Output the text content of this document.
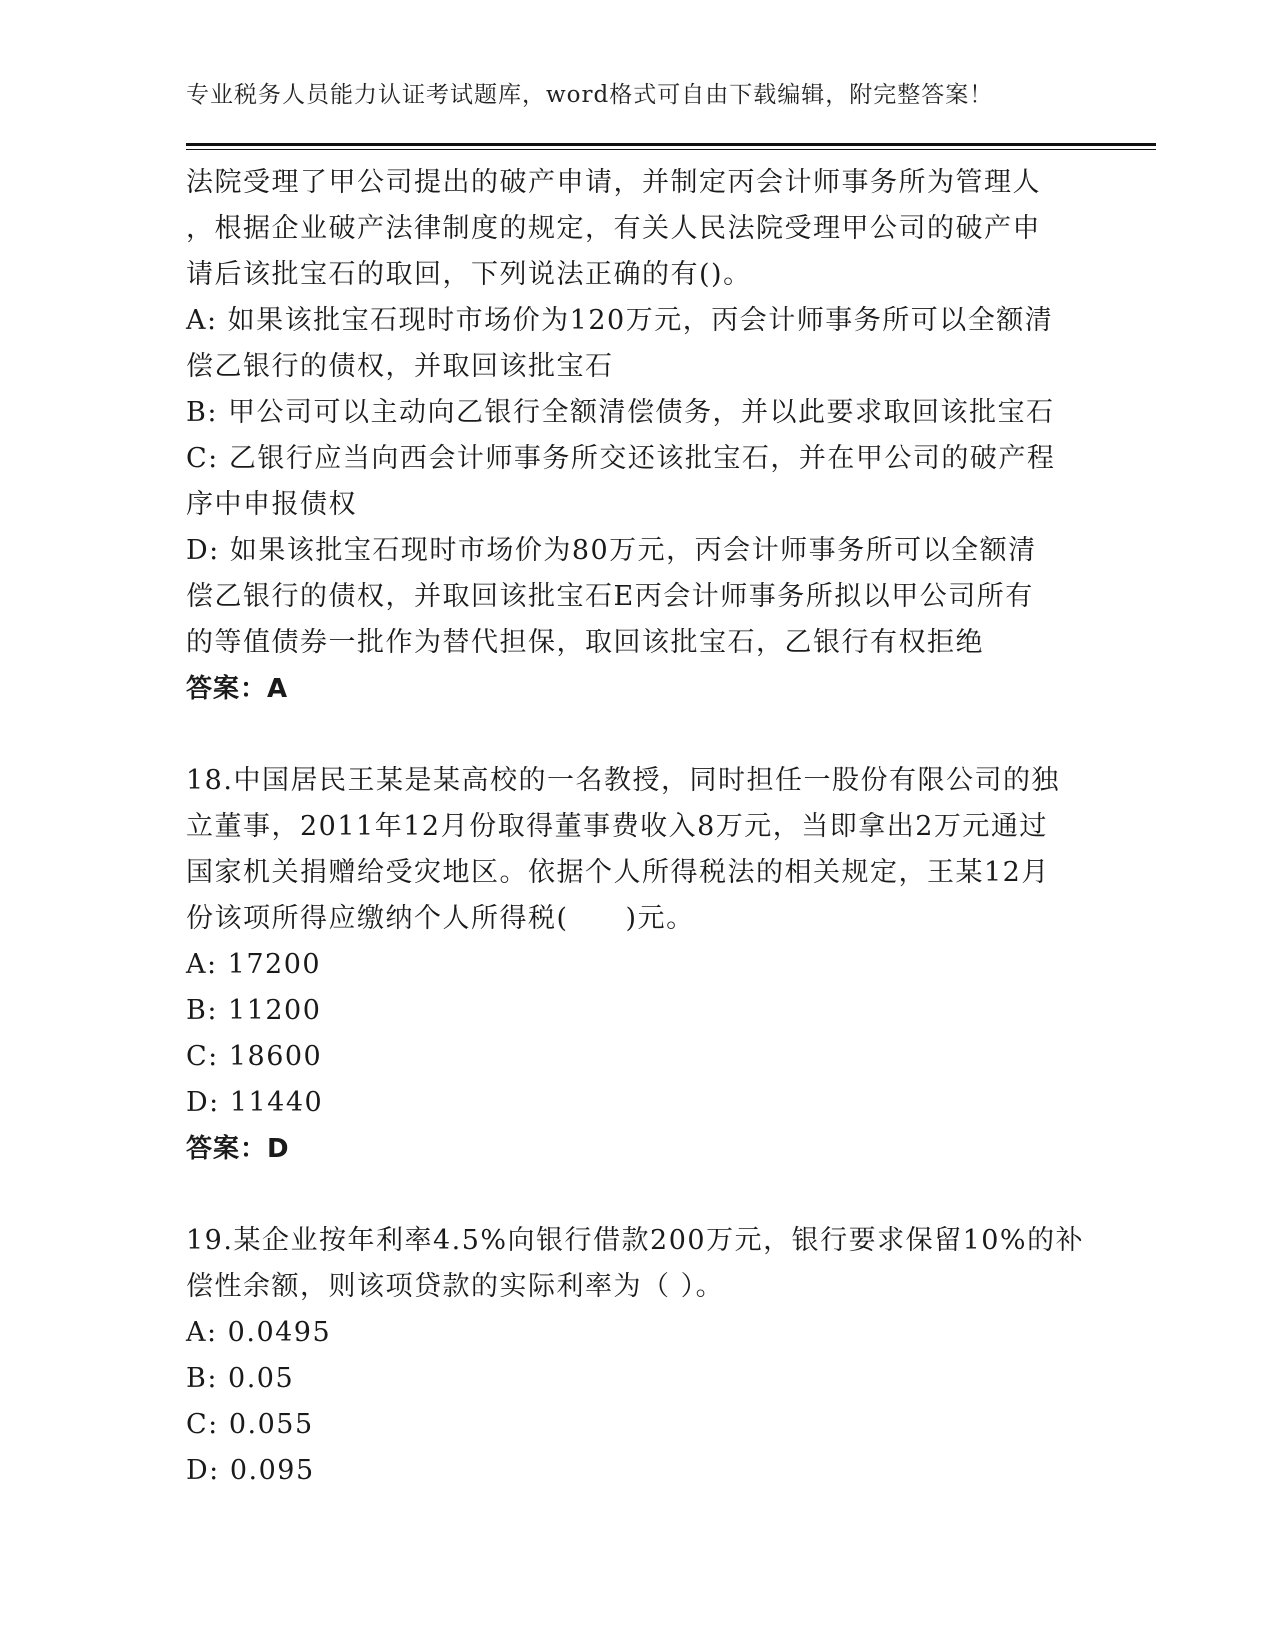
专业税务人员能力认证考试题库，word格式可自由下载编辑，附完整答案！
法院受理了甲公司提出的破产申请，并制定丙会计师事务所为管理人
，根据企业破产法律制度的规定，有关人民法院受理甲公司的破产申
请后该批宝石的取回，下列说法正确的有()。
A: 如果该批宝石现时市场价为120万元，丙会计师事务所可以全额清
偿乙银行的债权，并取回该批宝石
B: 甲公司可以主动向乙银行全额清偿债务，并以此要求取回该批宝石
C: 乙银行应当向西会计师事务所交还该批宝石，并在甲公司的破产程
序中申报债权
D: 如果该批宝石现时市场价为80万元，丙会计师事务所可以全额清
偿乙银行的债权，并取回该批宝石E丙会计师事务所拟以甲公司所有
的等值债券一批作为替代担保，取回该批宝石，乙银行有权拒绝
答案：A
18.中国居民王某是某高校的一名教授，同时担任一股份有限公司的独
立董事，2011年12月份取得董事费收入8万元，当即拿出2万元通过
国家机关捐赠给受灾地区。依据个人所得税法的相关规定，王某12月
份该项所得应缴纳个人所得税(　　)元。
A: 17200
B: 11200
C: 18600
D: 11440
答案：D
19.某企业按年利率4.5%向银行借款200万元，银行要求保留10%的补
偿性余额，则该项贷款的实际利率为（ ）。
A: 0.0495
B: 0.05
C: 0.055
D: 0.095
